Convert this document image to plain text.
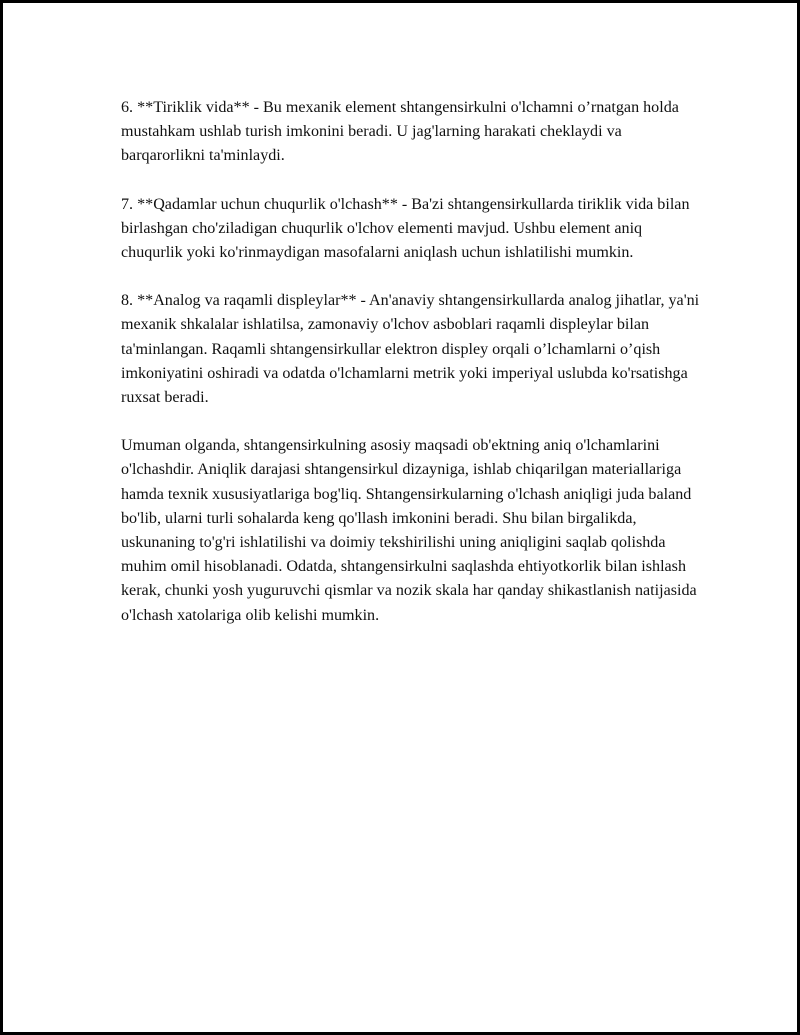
6. **Tiriklik vida** - Bu mexanik element shtangensirkulni o'lchamni o’rnatgan holda mustahkam ushlab turish imkonini beradi. U jag'larning harakati cheklaydi va barqarorlikni ta'minlaydi.

7. **Qadamlar uchun chuqurlik o'lchash** - Ba'zi shtangensirkullarda tiriklik vida bilan birlashgan cho'ziladigan chuqurlik o'lchov elementi mavjud. Ushbu element aniq chuqurlik yoki ko'rinmaydigan masofalarni aniqlash uchun ishlatilishi mumkin.

8. **Analog va raqamli displeylar** - An'anaviy shtangensirkullarda analog jihatlar, ya'ni mexanik shkalalar ishlatilsa, zamonaviy o'lchov asboblari raqamli displeylar bilan ta'minlangan. Raqamli shtangensirkullar elektron displey orqali o’lchamlarni o’qish imkoniyatini oshiradi va odatda o'lchamlarni metrik yoki imperiyal uslubda ko'rsatishga ruxsat beradi.

Umuman olganda, shtangensirkulning asosiy maqsadi ob'ektning aniq o'lchamlarini o'lchashdir. Aniqlik darajasi shtangensirkul dizayniga, ishlab chiqarilgan materiallariga hamda texnik xususiyatlariga bog'liq. Shtangensirkularning o'lchash aniqligi juda baland bo'lib, ularni turli sohalarda keng qo'llash imkonini beradi. Shu bilan birgalikda, uskunaning to'g'ri ishlatilishi va doimiy tekshirilishi uning aniqligini saqlab qolishda muhim omil hisoblanadi. Odatda, shtangensirkulni saqlashda ehtiyotkorlik bilan ishlash kerak, chunki yosh yuguruvchi qismlar va nozik skala har qanday shikastlanish natijasida o'lchash xatolariga olib kelishi mumkin.
